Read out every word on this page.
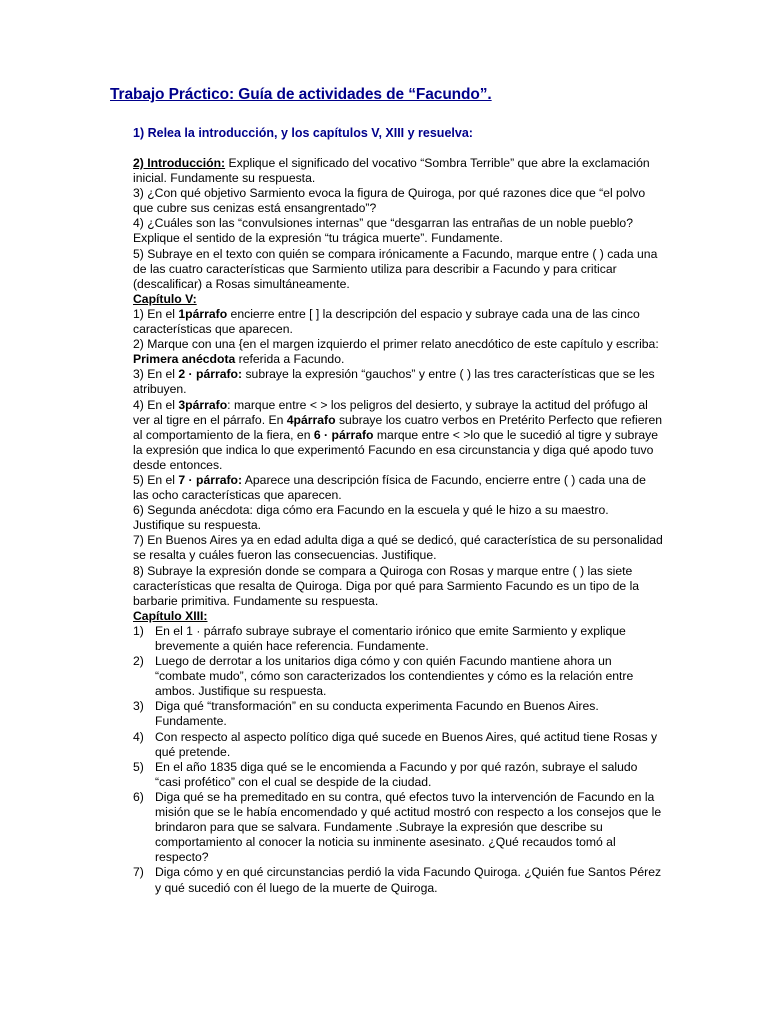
Trabajo Práctico: Guía de actividades de “Facundo”.
1) Relea la introducción, y los capítulos V, XIII y resuelva:

2) Introducción: Explique el significado del vocativo “Sombra Terrible” que abre la exclamación inicial. Fundamente su respuesta.

3) ¿Con qué objetivo Sarmiento evoca la figura de Quiroga, por qué razones dice que “el polvo que cubre sus cenizas está ensangrentado”?

4) ¿Cuáles son las “convulsiones internas” que “desgarran las entrañas de un noble pueblo? Explique el sentido de la expresión “tu trágica muerte”. Fundamente.

5) Subraye en el texto con quién se compara irónicamente a Facundo, marque entre ( ) cada una de las cuatro características que Sarmiento utiliza para describir a Facundo y para criticar (descalificar) a Rosas simultáneamente.

Capítulo V:

1) En el 1párrafo encierre entre [ ] la descripción del espacio y subraye cada una de las cinco características que aparecen.

2) Marque con una {en el margen izquierdo el primer relato anecdótico de este capítulo y escriba: Primera anécdota referida a Facundo.

3) En el 2 · párrafo: subraye la expresión “gauchos” y entre ( ) las tres características que se les atribuyen.

4) En el 3párrafo: marque entre < > los peligros del desierto, y subraye la actitud del prófugo al ver al tigre en el párrafo. En 4párrafo subraye los cuatro verbos en Pretérito Perfecto que refieren al comportamiento de la fiera, en 6 · párrafo marque entre < >lo que le sucedió al tigre y subraye la expresión que indica lo que experimentó Facundo en esa circunstancia y diga qué apodo tuvo desde entonces.

5) En el 7 · párrafo: Aparece una descripción física de Facundo, encierre entre ( ) cada una de las ocho características que aparecen.

6) Segunda anécdota: diga cómo era Facundo en la escuela y qué le hizo a su maestro. Justifique su respuesta.

7) En Buenos Aires ya en edad adulta diga a qué se dedicó, qué característica de su personalidad se resalta y cuáles fueron las consecuencias. Justifique.

8) Subraye la expresión donde se compara a Quiroga con Rosas y marque entre ( ) las siete características que resalta de Quiroga. Diga por qué para Sarmiento Facundo es un tipo de la barbarie primitiva. Fundamente su respuesta.

Capítulo XIII:

1) En el 1 · párrafo subraye subraye el comentario irónico que emite Sarmiento y explique brevemente a quién hace referencia. Fundamente.
2) Luego de derrotar a los unitarios diga cómo y con quién Facundo mantiene ahora un “combate mudo”, cómo son caracterizados los contendientes y cómo es la relación entre ambos. Justifique su respuesta.
3) Diga qué “transformación” en su conducta experimenta Facundo en Buenos Aires. Fundamente.
4) Con respecto al aspecto político diga qué sucede en Buenos Aires, qué actitud tiene Rosas y qué pretende.
5) En el año 1835 diga qué se le encomienda a Facundo y por qué razón, subraye el saludo “casi profético” con el cual se despide de la ciudad.
6) Diga qué se ha premeditado en su contra, qué efectos tuvo la intervención de Facundo en la misión que se le había encomendado y qué actitud mostró con respecto a los consejos que le brindaron para que se salvara. Fundamente .Subraye la expresión que describe su comportamiento al conocer la noticia su inminente asesinato. ¿Qué recaudos tomó al respecto?
7) Diga cómo y en qué circunstancias perdió la vida Facundo Quiroga. ¿Quién fue Santos Pérez y qué sucedió con él luego de la muerte de Quiroga.
